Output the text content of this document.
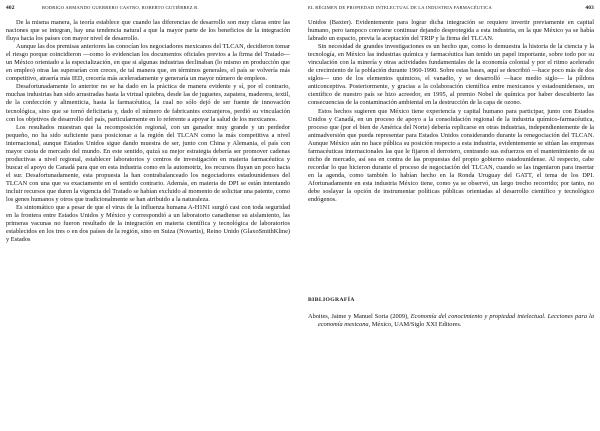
402	RODRIGO ARMANDO GUERRERO CASTRO, ROBERTO GUTIÉRREZ R.

De la misma manera, la teoría establece que cuando las diferencias de desarrollo son muy claras entre las naciones que se integran, hay una tendencia natural a que la mayor parte de los beneficios de la integración fluya hacia los países con mayor nivel de desarrollo.

Aunque las dos premisas anteriores las conocían los negociadores mexicanos del TLCAN, decidieron tomar el riesgo porque coincidieron —como lo evidencian los documentos oficiales previos a la firma del Tratado— un México orientado a la especialización, en que si algunas industrias declinaban (lo mismo en producción que en empleo) otras las superarían con creces, de tal manera que, en términos generales, el país se volvería más competitivo, atraería más IED, crecería más aceleradamente y generaría un mayor número de empleos.

Desafortunadamente lo anterior no se ha dado en la práctica de manera evidente y sí, por el contrario, muchas industrias han sido arrastradas hasta la virtual quiebra, desde las de juguetes, zapatera, maderera, textil, de la confección y alimenticia, hasta la farmacéutica, la cual no sólo dejó de ser fuente de innovación tecnológica, sino que se tornó deficitaria y, dado el número de fabricantes extranjeros, perdió su vinculación con los objetivos de desarrollo del país, particularmente en lo referente a apoyar la salud de los mexicanos.

Los resultados muestran que la recomposición regional, con un ganador muy grande y un perdedor pequeño, no ha sido suficiente para posicionar a la región del TLCAN como la más competitiva a nivel internacional, aunque Estados Unidos sigue dando muestra de ser, junto con China y Alemania, el país con mayor cuota de mercado del mundo. En este sentido, quizá su mejor estrategia debería ser promover cadenas productivas a nivel regional, establecer laboratorios y centros de investigación en materia farmacéutica y buscar el apoyo de Canadá para que en esta industria como en la automotriz, los recursos fluyan un poco hacia el sur. Desafortunadamente, esta propuesta la han contrabalanceado los negociadores estadounidenses del TLCAN con una que va exactamente en el sentido contrario. Además, en materia de DPI se están intentando incluir recursos que duren la vigencia del Tratado se habían excluido al momento de solicitar una patente, como los genes humanos y otros que tradicionalmente se han atribuido a la naturaleza.

Es sintomático que a pesar de que el virus de la influenza humana A-H1N1 surgió casi con toda seguridad en la frontera entre Estados Unidos y México y correspondió a un laboratorio canadiense su aislamiento, las primeras vacunas no fueron resultado de la integración en materia científica y tecnológica de laboratorios establecidos en los tres o en dos países de la región, sino en Suiza (Novartis), Reino Unido (GlaxoSmithKline) y Estados

EL RÉGIMEN DE PROPIEDAD INTELECTUAL DE LA INDUSTRIA FARMACÉUTICA	403

Unidos (Baxter). Evidentemente para lograr dicha integración se requiere invertir previamente en capital humano, pero tampoco conviene continuar dejando desprotegida a esta industria, en la que México ya se había labrado un espacio, previa la aceptación del TRIP y la firma del TLCAN.

Sin necesidad de grandes investigaciones es un hecho que, como lo demuestra la historia de la ciencia y la tecnología, en México las industrias química y farmacéutica han tenido un papel importante, sobre todo por su vinculación con la minería y otras actividades fundamentales de la economía colonial y por el ritmo acelerado de crecimiento de la población durante 1960-1990. Sobre estas bases, aquí se describió —hace poco más de dos siglos— uno de los elementos químicos, el vanadio, y se desarrolló —hace medio siglo— la píldora anticonceptiva. Posteriormente, y gracias a la colaboración científica entre mexicanos y estadounidenses, un científico de nuestro país se hizo acreedor, en 1995, al premio Nobel de química por haber descubierto las consecuencias de la contaminación ambiental en la destrucción de la capa de ozono.

Estos hechos sugieren que México tiene experiencia y capital humano para participar, junto con Estados Unidos y Canadá, en un proceso de apoyo a la consolidación regional de la industria químico-farmacéutica, proceso que (por el bien de América del Norte) debería replicarse en otras industrias, independientemente de la animadversión que pueda representar para Estados Unidos considerando durante la renegociación del TLCAN. Aunque México aún no hace pública su posición respecto a esta industria, evidentemente se sitúan las empresas farmacéuticas internacionales las que le fijaron el derrotero, centrando sus esfuerzos en el mantenimiento de su nicho de mercado, así sea en contra de las propuestas del propio gobierno estadounidense. Al respecto, cabe recordar lo que hicieron durante el proceso de negociación del TLCAN, cuando se las ingeniaron para insertar en la agenda, como también lo habían hecho en la Ronda Uruguay del GATT, el tema de los DPI. Afortunadamente en esta industria México tiene, como ya se observó, un largo trecho recorrido; por tanto, no debe soslayar la opción de instrumentar políticas públicas orientadas al desarrollo científico y tecnológico endógenos.

BIBLIOGRAFÍA
Aboites, Jaime y Manuel Soria (2009), Economía del conocimiento y propiedad intelectual. Lecciones para la economía mexicana, México, UAM/Siglo XXI Editores.
